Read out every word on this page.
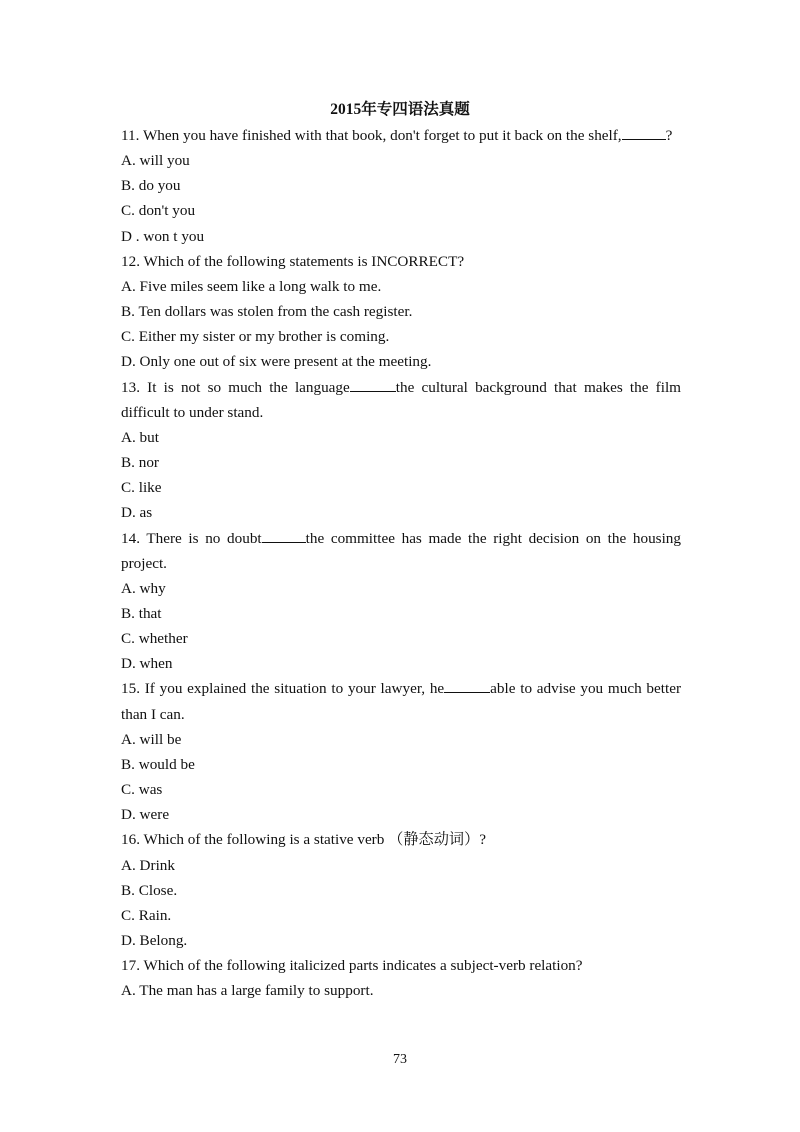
2015年专四语法真题
11. When you have finished with that book, don't forget to put it back on the shelf,	?
A. will you
B. do you
C. don't you
D . won t you
12. Which of the following statements is INCORRECT?
A. Five miles seem like a long walk to me.
B. Ten dollars was stolen from the cash register.
C. Either my sister or my brother is coming.
D. Only one out of six were present at the meeting.
13. It is not so much the language	the cultural background that makes the film difficult to under stand.
A. but
B. nor
C. like
D. as
14. There is no doubt	the committee has made the right decision on the housing project.
A. why
B. that
C. whether
D. when
15. If you explained the situation to your lawyer, he	able to advise you much better than I can.
A. will be
B. would be
C. was
D. were
16. Which of the following is a stative verb （静态动词）?
A. Drink
B. Close.
C. Rain.
D. Belong.
17. Which of the following italicized parts indicates a subject-verb relation?
A. The man has a large family to support.
73
